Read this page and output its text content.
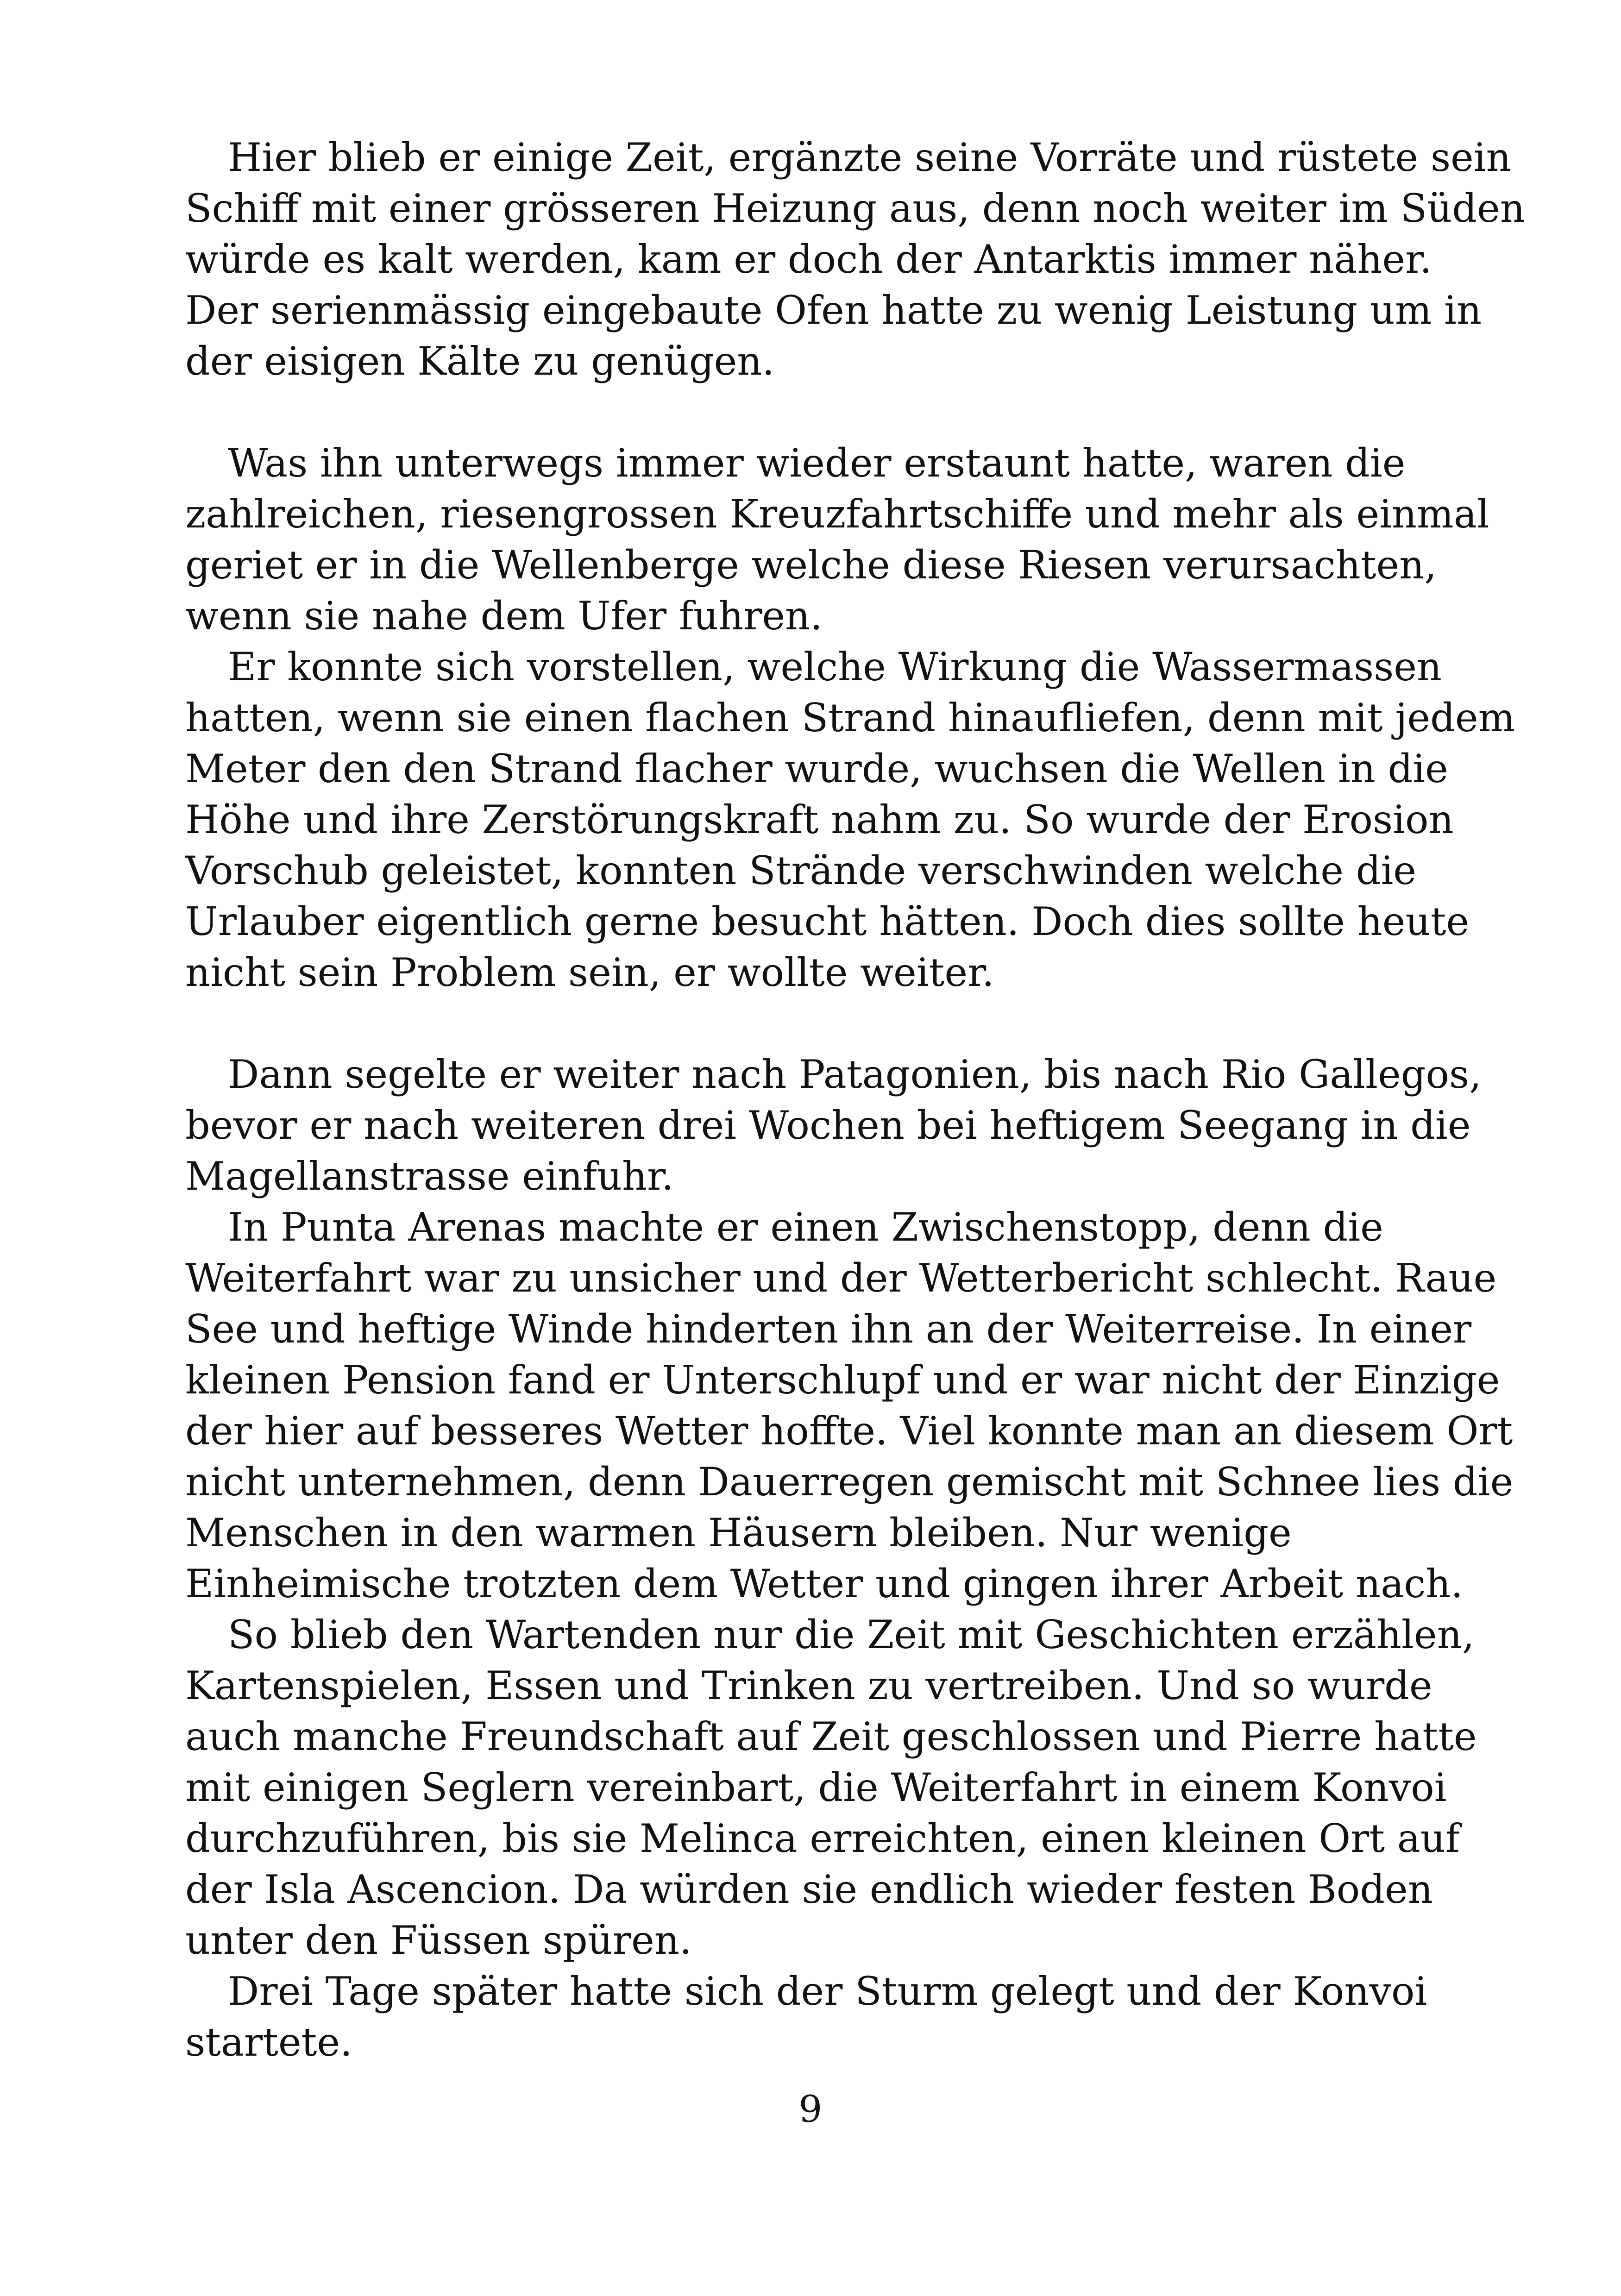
Hier blieb er einige Zeit, ergänzte seine Vorräte und rüstete sein
Schiff mit einer grösseren Heizung aus, denn noch weiter im Süden
würde es kalt werden, kam er doch der Antarktis immer näher.
Der serienmässig eingebaute Ofen hatte zu wenig Leistung um in
der eisigen Kälte zu genügen.
Was ihn unterwegs immer wieder erstaunt hatte, waren die
zahlreichen, riesengrossen Kreuzfahrtschiffe und mehr als einmal
geriet er in die Wellenberge welche diese Riesen verursachten,
wenn sie nahe dem Ufer fuhren.
Er konnte sich vorstellen, welche Wirkung die Wassermassen
hatten, wenn sie einen flachen Strand hinaufliefen, denn mit jedem
Meter den den Strand flacher wurde, wuchsen die Wellen in die
Höhe und ihre Zerstörungskraft nahm zu. So wurde der Erosion
Vorschub geleistet, konnten Strände verschwinden welche die
Urlauber eigentlich gerne besucht hätten. Doch dies sollte heute
nicht sein Problem sein, er wollte weiter.
Dann segelte er weiter nach Patagonien, bis nach Rio Gallegos,
bevor er nach weiteren drei Wochen bei heftigem Seegang in die
Magellanstrasse einfuhr.
In Punta Arenas machte er einen Zwischenstopp, denn die
Weiterfahrt war zu unsicher und der Wetterbericht schlecht. Raue
See und heftige Winde hinderten ihn an der Weiterreise. In einer
kleinen Pension fand er Unterschlupf und er war nicht der Einzige
der hier auf besseres Wetter hoffte. Viel konnte man an diesem Ort
nicht unternehmen, denn Dauerregen gemischt mit Schnee lies die
Menschen in den warmen Häusern bleiben. Nur wenige
Einheimische trotzten dem Wetter und gingen ihrer Arbeit nach.
So blieb den Wartenden nur die Zeit mit Geschichten erzählen,
Kartenspielen, Essen und Trinken zu vertreiben. Und so wurde
auch manche Freundschaft auf Zeit geschlossen und Pierre hatte
mit einigen Seglern vereinbart, die Weiterfahrt in einem Konvoi
durchzuführen, bis sie Melinca erreichten, einen kleinen Ort auf
der Isla Ascencion. Da würden sie endlich wieder festen Boden
unter den Füssen spüren.
Drei Tage später hatte sich der Sturm gelegt und der Konvoi
startete.
9
